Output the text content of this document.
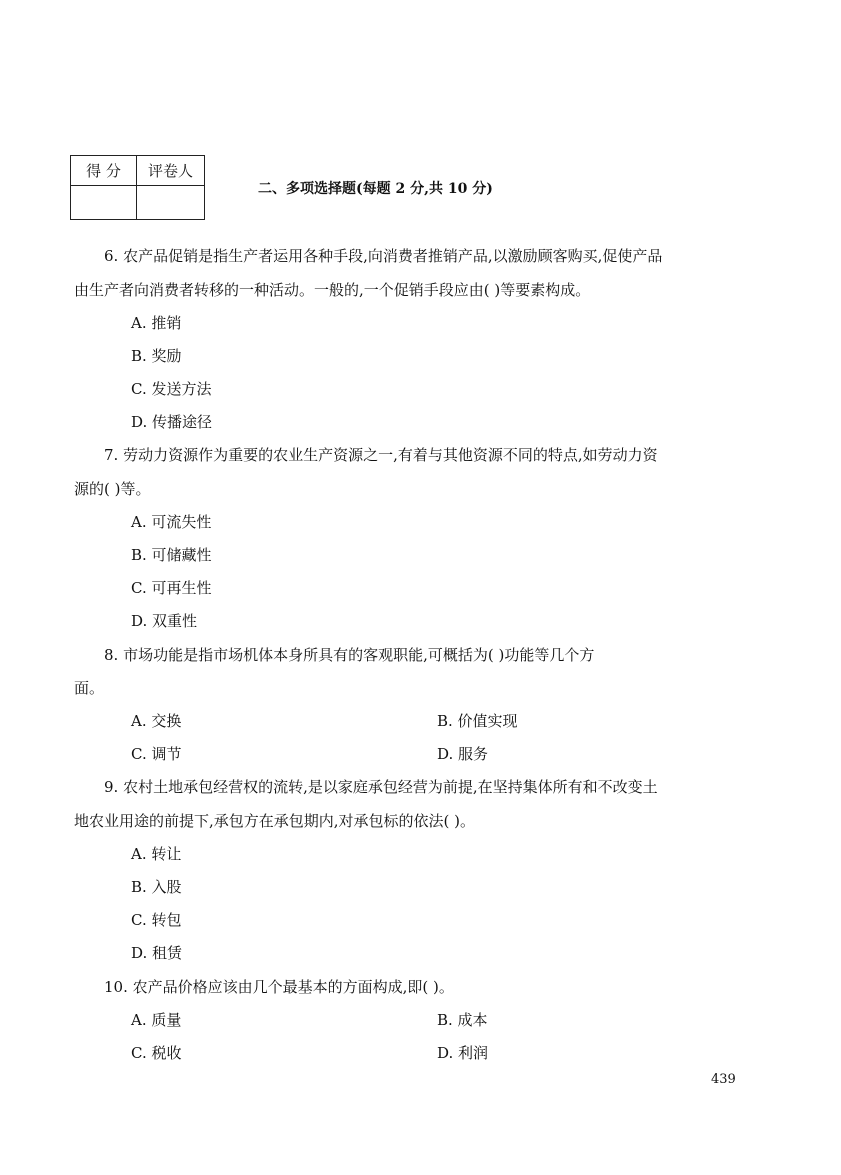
得 分	评卷人

二、多项选择题(每题 2 分,共 10 分)
6. 农产品促销是指生产者运用各种手段,向消费者推销产品,以激励顾客购买,促使产品
由生产者向消费者转移的一种活动。一般的,一个促销手段应由( )等要素构成。
A. 推销
B. 奖励
C. 发送方法
D. 传播途径
7. 劳动力资源作为重要的农业生产资源之一,有着与其他资源不同的特点,如劳动力资
源的( )等。
A. 可流失性
B. 可储藏性
C. 可再生性
D. 双重性
8. 市场功能是指市场机体本身所具有的客观职能,可概括为( )功能等几个方
面。
A. 交换	B. 价值实现
C. 调节	D. 服务
9. 农村土地承包经营权的流转,是以家庭承包经营为前提,在坚持集体所有和不改变土
地农业用途的前提下,承包方在承包期内,对承包标的依法( )。
A. 转让
B. 入股
C. 转包
D. 租赁
10. 农产品价格应该由几个最基本的方面构成,即( )。
A. 质量	B. 成本
C. 税收	D. 利润
439
